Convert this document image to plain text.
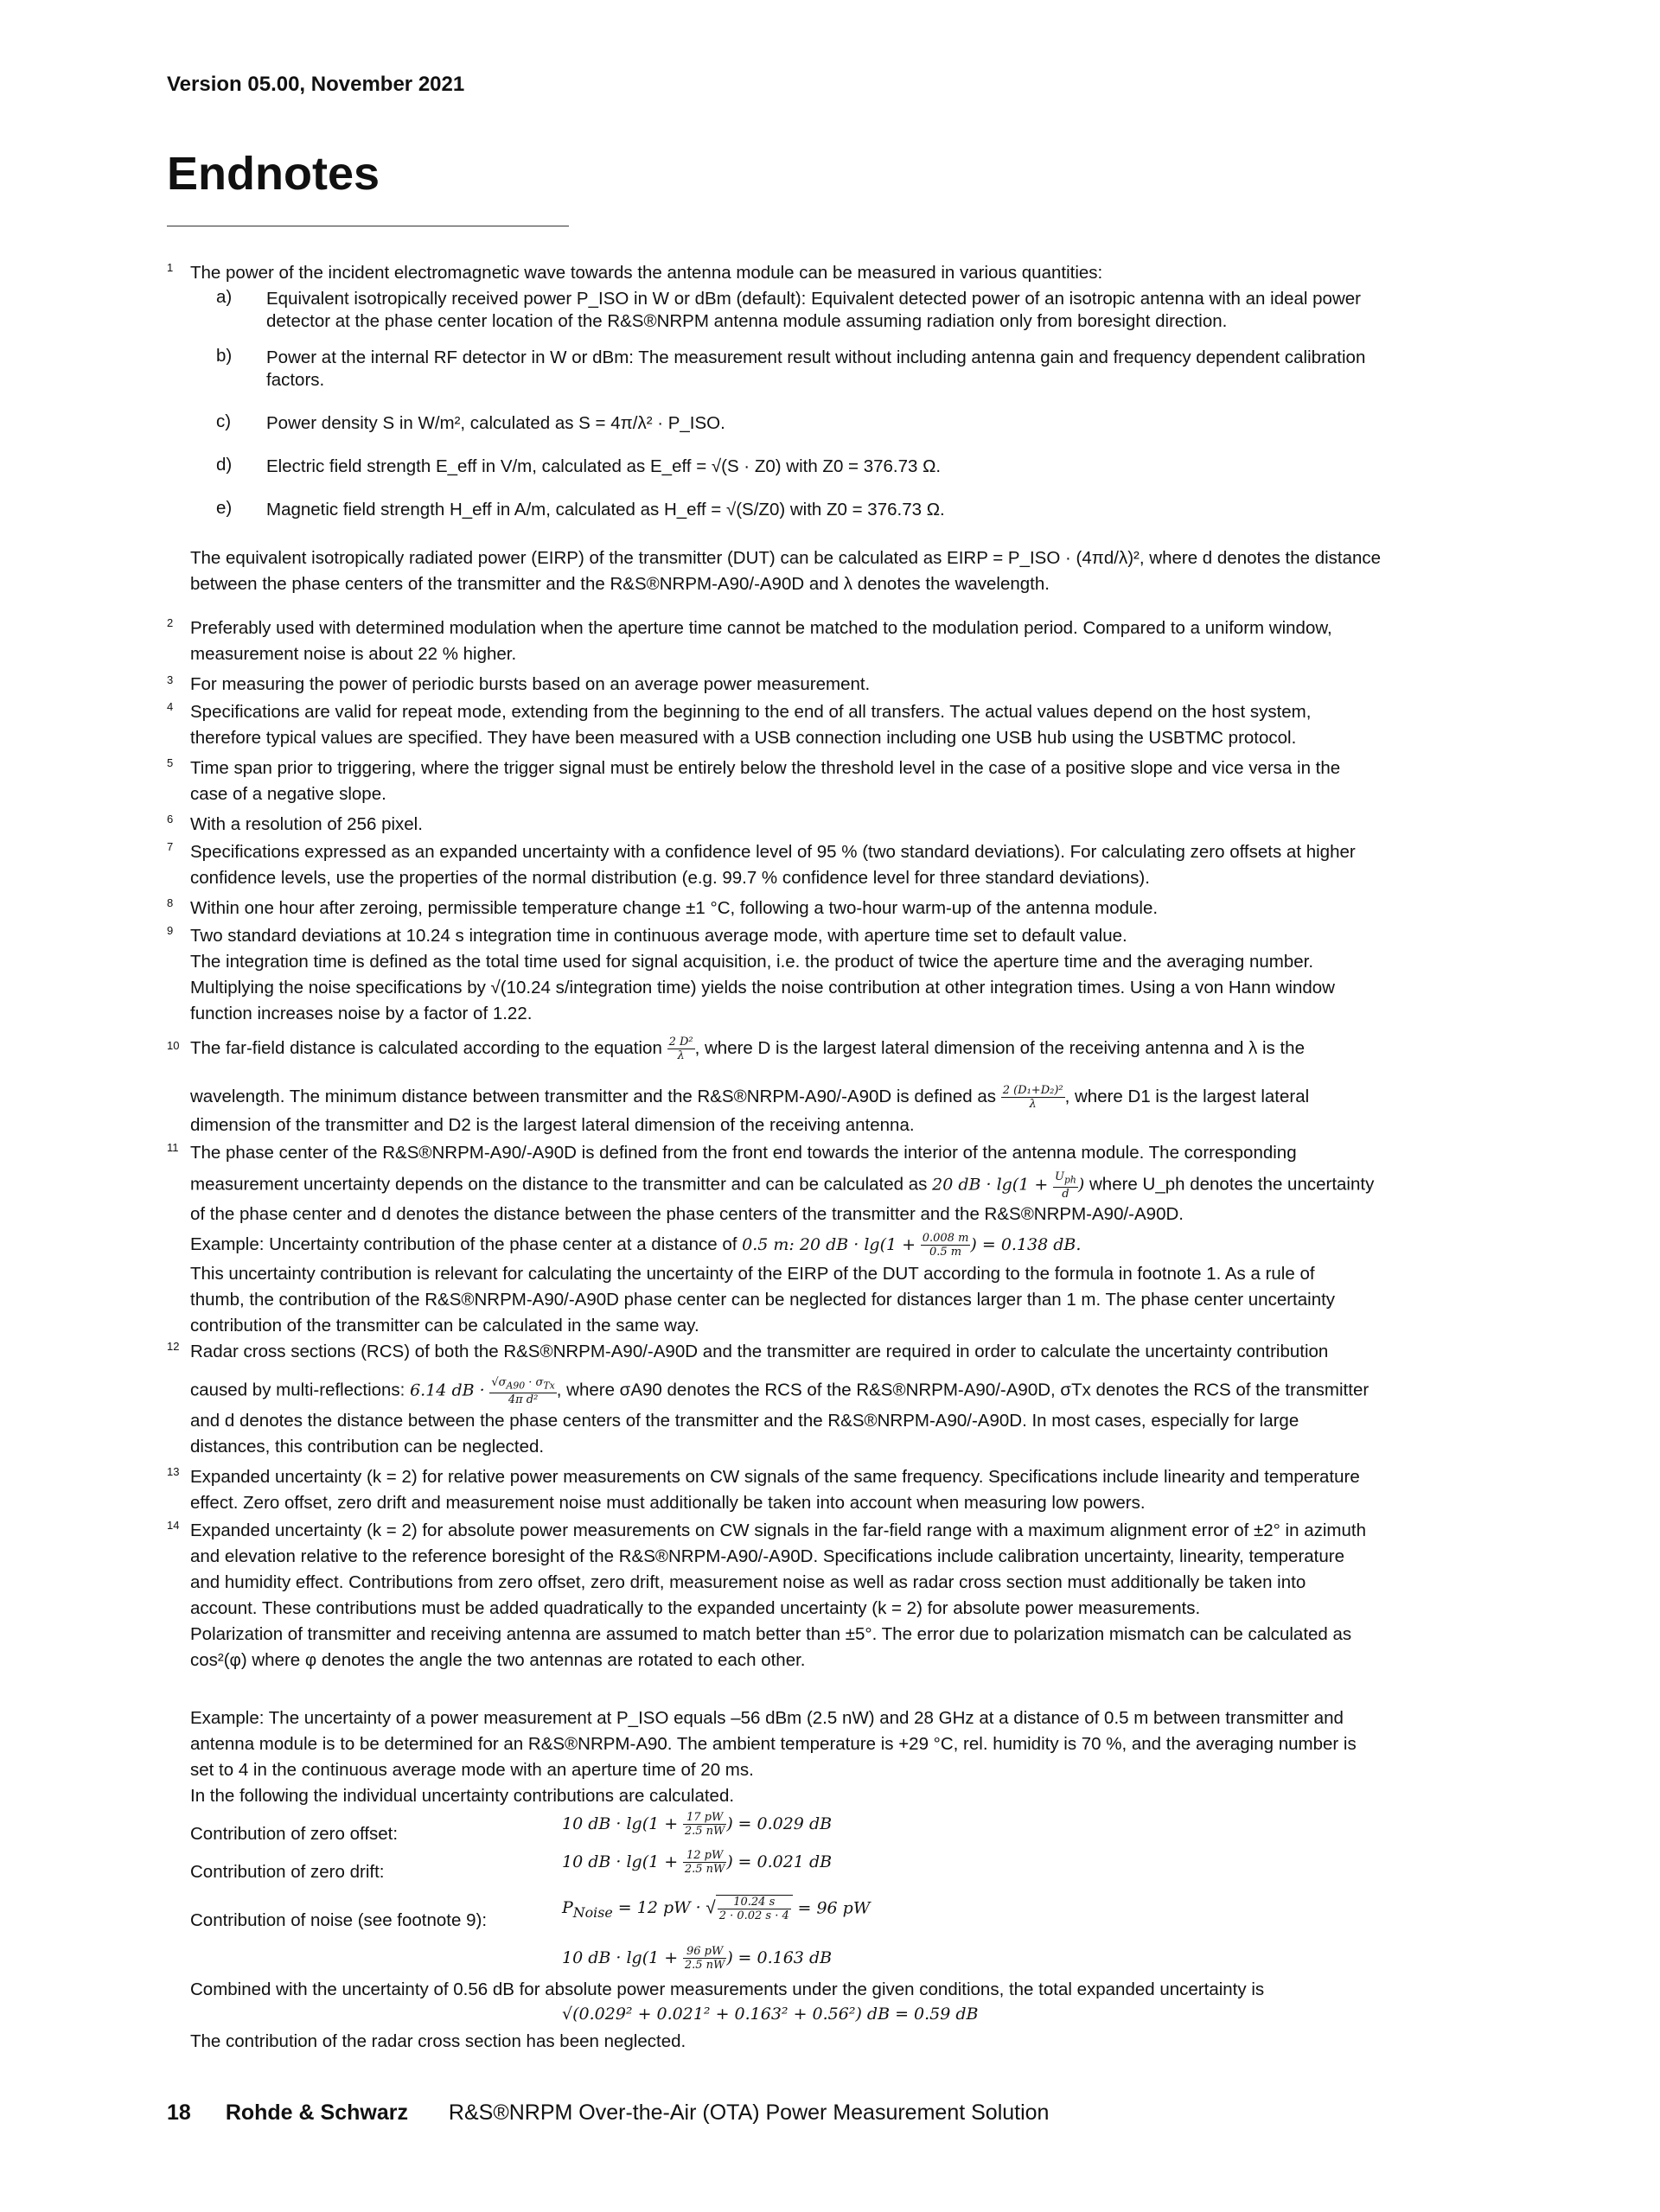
Version 05.00, November 2021
Endnotes
1 The power of the incident electromagnetic wave towards the antenna module can be measured in various quantities:
a) Equivalent isotropically received power P_ISO in W or dBm (default): Equivalent detected power of an isotropic antenna with an ideal power
detector at the phase center location of the R&S®NRPM antenna module assuming radiation only from boresight direction.
b) Power at the internal RF detector in W or dBm: The measurement result without including antenna gain and frequency dependent calibration
factors.
c) Power density S in W/m², calculated as S = 4π/λ² · P_ISO.
d) Electric field strength E_eff in V/m, calculated as E_eff = √(S · Z0) with Z0 = 376.73 Ω.
e) Magnetic field strength H_eff in A/m, calculated as H_eff = √(S/Z0) with Z0 = 376.73 Ω.
The equivalent isotropically radiated power (EIRP) of the transmitter (DUT) can be calculated as EIRP = P_ISO · (4πd/λ)², where d denotes the distance
between the phase centers of the transmitter and the R&S®NRPM-A90/-A90D and λ denotes the wavelength.
2 Preferably used with determined modulation when the aperture time cannot be matched to the modulation period. Compared to a uniform window,
measurement noise is about 22 % higher.
3 For measuring the power of periodic bursts based on an average power measurement.
4 Specifications are valid for repeat mode, extending from the beginning to the end of all transfers. The actual values depend on the host system,
therefore typical values are specified. They have been measured with a USB connection including one USB hub using the USBTMC protocol.
5 Time span prior to triggering, where the trigger signal must be entirely below the threshold level in the case of a positive slope and vice versa in the
case of a negative slope.
6 With a resolution of 256 pixel.
7 Specifications expressed as an expanded uncertainty with a confidence level of 95 % (two standard deviations). For calculating zero offsets at higher
confidence levels, use the properties of the normal distribution (e.g. 99.7 % confidence level for three standard deviations).
8 Within one hour after zeroing, permissible temperature change ±1 °C, following a two-hour warm-up of the antenna module.
9 Two standard deviations at 10.24 s integration time in continuous average mode, with aperture time set to default value.
The integration time is defined as the total time used for signal acquisition, i.e. the product of twice the aperture time and the averaging number.
Multiplying the noise specifications by √(10.24 s/integration time) yields the noise contribution at other integration times. Using a von Hann window
function increases noise by a factor of 1.22.
10 The far-field distance is calculated according to the equation $\frac{\text{2 D²}}{\lambda}$ , where D is the largest lateral dimension of the receiving antenna and λ is the
wavelength. The minimum distance between transmitter and the R&S®NRPM-A90/-A90D is defined as $\frac{\text{2 (D₁+D₂)²}}{\lambda}$ , where D1 is the largest lateral
dimension of the transmitter and D2 is the largest lateral dimension of the receiving antenna.
11 The phase center of the R&S®NRPM-A90/-A90D is defined from the front end towards the interior of the antenna module. The corresponding
measurement uncertainty depends on the distance to the transmitter and can be calculated as 20 dB · $\lg(1 + \frac{U_{ph}}{d}$ ) where U_ph denotes the uncertainty
of the phase center and d denotes the distance between the phase centers of the transmitter and the R&S®NRPM-A90/-A90D.
Example: Uncertainty contribution of the phase center at a distance of 0.5 m: 20 dB · $\lg(1 + \frac{0.008 m}{0.5 m}$ ) = 0.138 dB.
This uncertainty contribution is relevant for calculating the uncertainty of the EIRP of the DUT according to the formula in footnote 1. As a rule of
thumb, the contribution of the R&S®NRPM-A90/-A90D phase center can be neglected for distances larger than 1 m. The phase center uncertainty
contribution of the transmitter can be calculated in the same way.
12 Radar cross sections (RCS) of both the R&S®NRPM-A90/-A90D and the transmitter are required in order to calculate the uncertainty contribution
caused by multi-reflections: 6.14 dB · $\frac{√\sigma_{A90} \cdot \sigma_{Tx}}{\text{4π d²}}$ , where σA90 denotes the RCS of the R&S®NRPM-A90/-A90D, σTx denotes the RCS of the transmitter
and d denotes the distance between the phase centers of the transmitter and the R&S®NRPM-A90/-A90D. In most cases, especially for large
distances, this contribution can be neglected.
13 Expanded uncertainty (k = 2) for relative power measurements on CW signals of the same frequency. Specifications include linearity and temperature
effect. Zero offset, zero drift and measurement noise must additionally be taken into account when measuring low powers.
14 Expanded uncertainty (k = 2) for absolute power measurements on CW signals in the far-field range with a maximum alignment error of ±2° in azimuth
and elevation relative to the reference boresight of the R&S®NRPM-A90/-A90D. Specifications include calibration uncertainty, linearity, temperature
and humidity effect. Contributions from zero offset, zero drift, measurement noise as well as radar cross section must additionally be taken into
account. These contributions must be added quadratically to the expanded uncertainty (k = 2) for absolute power measurements.
Polarization of transmitter and receiving antenna are assumed to match better than ±5°. The error due to polarization mismatch can be calculated as
cos²(φ) where φ denotes the angle the two antennas are rotated to each other.
Example: The uncertainty of a power measurement at P_ISO equals –56 dBm (2.5 nW) and 28 GHz at a distance of 0.5 m between transmitter and
antenna module is to be determined for an R&S®NRPM-A90. The ambient temperature is +29 °C, rel. humidity is 70 %, and the averaging number is
set to 4 in the continuous average mode with an aperture time of 20 ms.
In the following the individual uncertainty contributions are calculated.
Contribution of zero offset:
10 dB · $\lg(1 + \frac{17 pW}{2.5 nW}$ ) = 0.029 dB
Contribution of zero drift:
10 dB · $\lg(1 + \frac{12 pW}{2.5 nW}$ ) = 0.021 dB
Contribution of noise (see footnote 9):
$P_{Noise} = 12$ pW · √ $\frac{10.24 s}{2 \cdot 0.02 s \cdot 4} = 96$ pW
10 dB · $\lg(1 + \frac{96 pW}{2.5 nW}$ ) = 0.163 dB
Combined with the uncertainty of 0.56 dB for absolute power measurements under the given conditions, the total expanded uncertainty is
√(0.029² + 0.021² + 0.163² + 0.56²) dB = 0.59 dB
The contribution of the radar cross section has been neglected.
18 Rohde & Schwarz R&S®NRPM Over-the-Air (OTA) Power Measurement Solution
